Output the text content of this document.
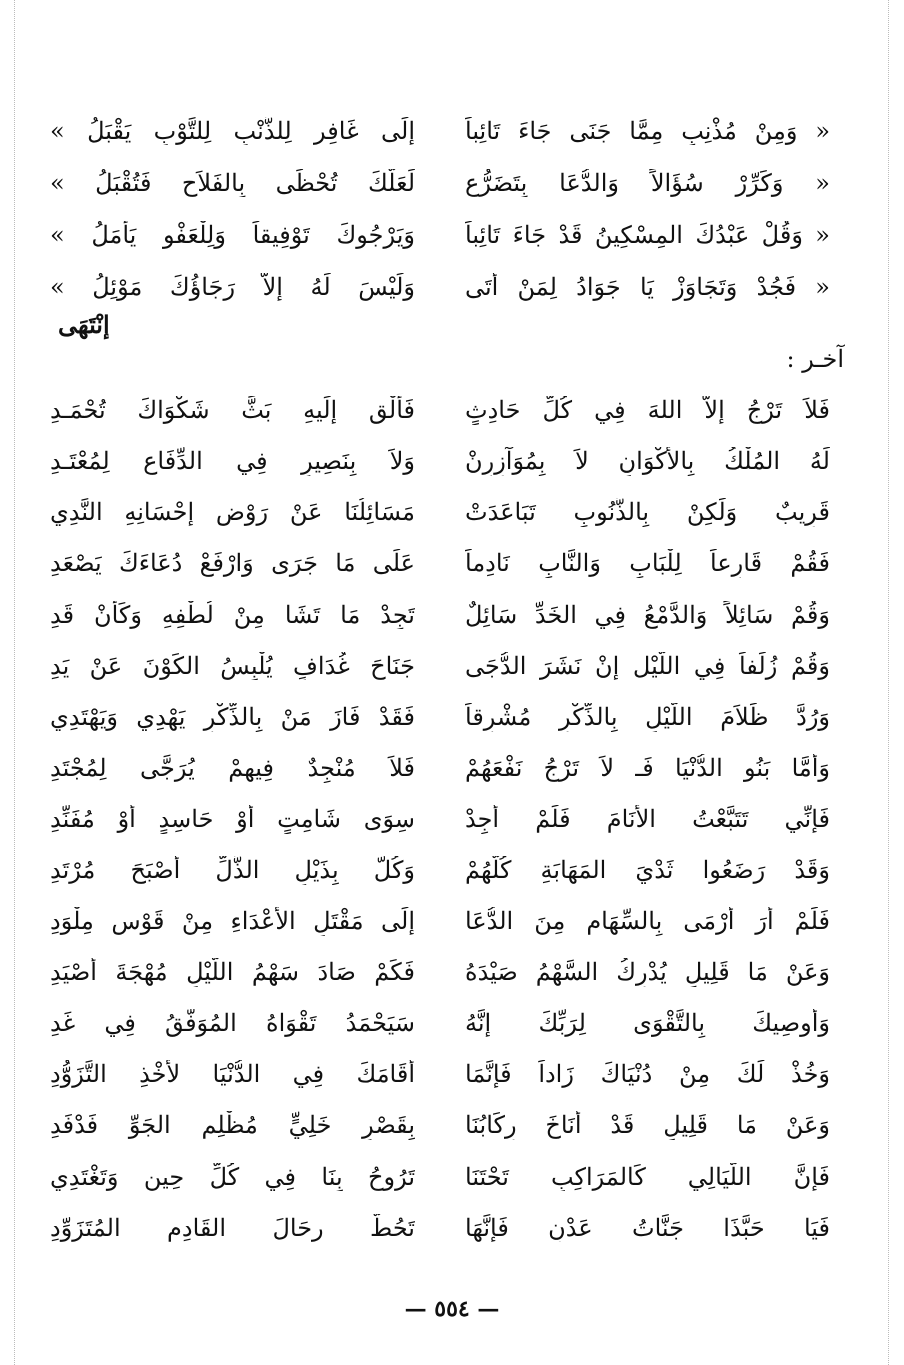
« وَمِنْ مُذْنِبٍ مِمَّا جَنَى جَاءَ تَائِباً
إِلَى غَافِرٍ لِلذَّنْبِ لِلتَّوْبِ يَقْبَلُ »
« وَكَرِّرْ سُؤَالاً وَالدُّعَا بِتَضَرُّعٍ
لَعَلَّكَ تُحْظَى بِالفَلاَحِ فَتُقْبَلُ »
« وَقُلْ عَبْدُكَ المِسْكِينُ قَدْ جَاءَ تَائِباً
وَيَرْجُوكَ تَوْفِيقاً وَلِلْعَفْوِ يَأْمَلُ »
« فَجُدْ وَتَجَاوَزْ يَا جَوَادُ لِمَنْ أَتَى
وَلَيْسَ لَهُ إِلاَّ رَجَاؤُكَ مَوْئِلُ »
إنْتَهَى
آخـر :
فَلاَ تَرْجُ إِلاَّ اللهَ فِي كُلِّ حَادِثٍ
فَأَلْقِ إِلَيهِ بَثَّ شَكْوَاكَ تُحْمَـدِ
لَهُ المُلْكُ بِالأَكْوَانِ لاَ بِمُوَآزِرِنْ
وَلاَ بِنَصِيرٍ فِي الدِّفَاعِ لِمُعْتَـدِ
قَرِيبٌ وَلَكِنْ بِالذُّنُوبِ تَبَاعَدَتْ
مَسَائِلُنَا عَنْ رَوْضِ إِحْسَانِهِ النَّدِي
فَقُمْ قَارِعاً لِلْبَابِ وَالنَّابِ نَادِماً
عَلَى مَا جَرَى وَارْفَعْ دُعَاءَكَ يَصْعَدِ
وَقُمْ سَائِلاً وَالدَّمْعُ فِي الخَدِّ سَائِلٌ
تَجِدْ مَا تَشَا مِنْ لُطْفِهِ وَكَأَنْ قَدِ
وَقُمْ زُلَفاً فِي اللَّيْلِ إِنْ نَشَرَ الدُّجَى
جَنَاحَ غُدَافٍ يُلْبِسُ الكَوْنَ عَنْ يَدِ
وَرُدَّ ظَلاَمَ اللَّيْلِ بِالذِّكْرِ مُشْرِقاً
فَقَدْ فَازَ مَنْ بِالذِّكْرِ يَهْدِي وَيَهْتَدِي
وَأَمَّا بَنُو الدُّنْيَا فَـ لاَ تَرْجُ نَفْعَهُمْ
فَلاَ مُنْجِدٌ فِيهِمْ يُرَجَّى لِمُجْتَدِ
فَإِنِّي تَتَبَّعْتُ الأَنَامَ فَلَمْ أَجِدْ
سِوَى شَامِتٍ أَوْ حَاسِدٍ أَوْ مُفَنِّدِ
وَقَدْ رَضَعُوا ثَدْيَ المَهَابَةِ كُلُّهُمْ
وَكُلٌّ بِذَيْلِ الذُّلِّ أَصْبَحَ مُرْتَدِ
فَلَمْ أَرَ أَرْمَى بِالسِّهَامِ مِنَ الدُّعَا
إِلَى مَقْتَلِ الأَعْدَاءِ مِنْ قَوْسِ مِلْوَدِ
وَعَنْ مَا قَلِيلٍ يُدْرِكُ السَّهْمُ صَيْدَهُ
فَكَمْ صَادَ سَهْمُ اللَّيْلِ مُهْجَةَ أَصْيَدِ
وَأُوصِيكَ بِالتَّقْوَى لِرَبِّكَ إِنَّهُ
سَيَحْمَدُ تَقْوَاهُ المُوَفَّقُ فِي غَدِ
وَخُذْ لَكَ مِنْ دُنْيَاكَ زَاداً فَإِنَّمَا
أَقَامَكَ فِي الدُّنْيَا لأَخْذِ التَّزَوُّدِ
وَعَنْ مَا قَلِيلٍ قَدْ أَنَاخَ رِكَابُنَا
بِقَصْرٍ خَلِيٍّ مُظْلِمِ الجَوِّ فَدْفَدِ
فَإِنَّ اللَّيَالِي كَالمَرَاكِبِ تَحْتَنَا
تَرُوحُ بِنَا فِي كُلِّ حِينٍ وَتَغْتَدِي
فَيَا حَبَّذَا جَنَّاتُ عَدْنٍ فَإِنَّهَا
تَحُطُّ رِحَالَ القَادِمِ المُتَزَوِّدِ
— ٥٥٤ —
